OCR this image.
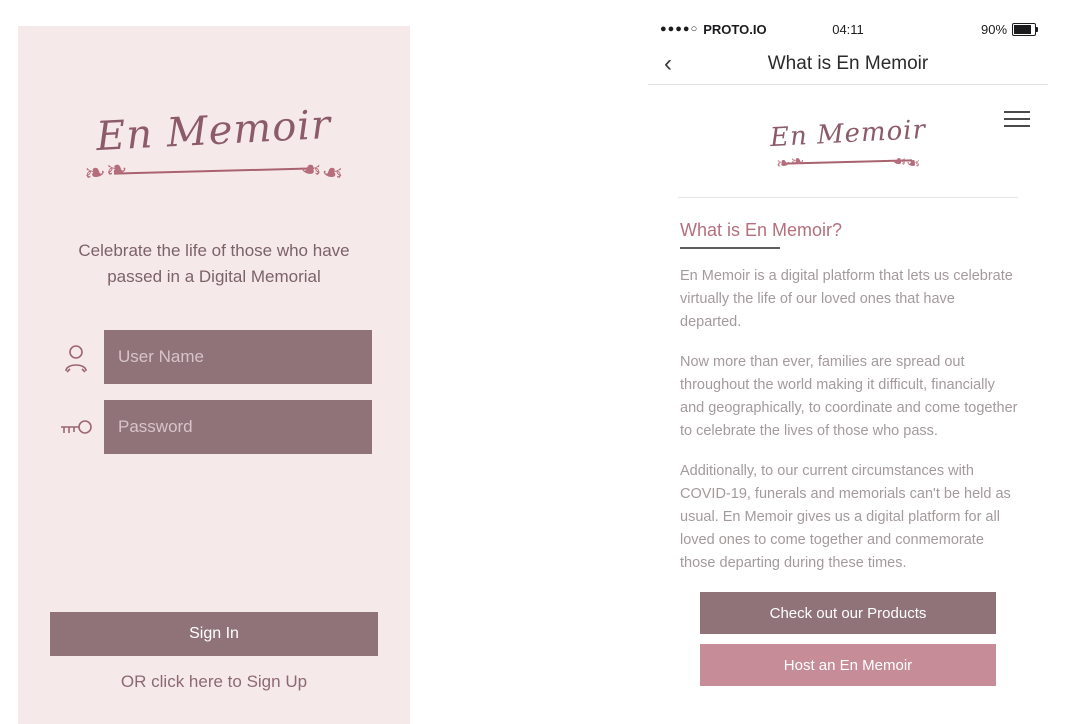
En Memoir
❧❧	❧❧
Celebrate the life of those who have passed in a Digital Memorial
User Name
Sign In
OR click here to Sign Up
●●●●○ PROTO.IO	04:11	90%
‹	What is En Memoir
En Memoir
❧❧	❧❧
What is En Memoir?

En Memoir is a digital platform that lets us celebrate virtually the life of our loved ones that have departed.

Now more than ever, families are spread out throughout the world making it difficult, financially and geographically, to coordinate and come together to celebrate the lives of those who pass.

Additionally, to our current circumstances with COVID-19, funerals and memorials can't be held as usual. En Memoir gives us a digital platform for all loved ones to come together and conmemorate those departing during these times.

Check out our Products
Host an En Memoir
